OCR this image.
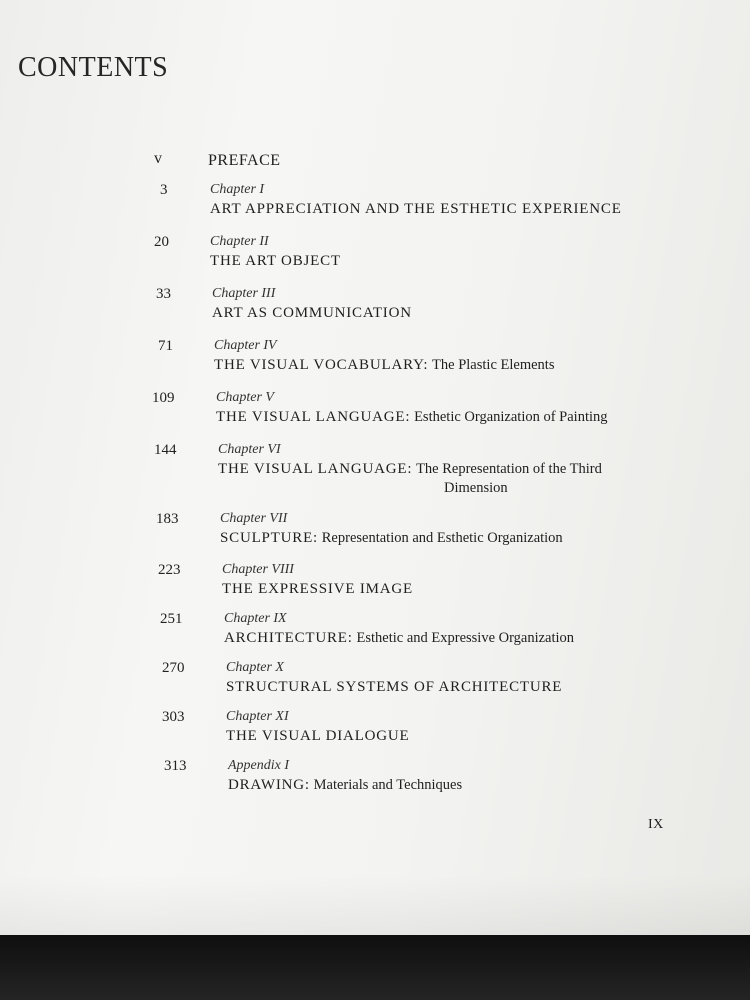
CONTENTS
v	PREFACE
3	Chapter I
ART APPRECIATION AND THE ESTHETIC EXPERIENCE
20	Chapter II
THE ART OBJECT
33	Chapter III
ART AS COMMUNICATION
71	Chapter IV
THE VISUAL VOCABULARY: The Plastic Elements
109	Chapter V
THE VISUAL LANGUAGE: Esthetic Organization of Painting
144	Chapter VI
THE VISUAL LANGUAGE: The Representation of the Third
Dimension
183	Chapter VII
SCULPTURE: Representation and Esthetic Organization
223	Chapter VIII
THE EXPRESSIVE IMAGE
251	Chapter IX
ARCHITECTURE: Esthetic and Expressive Organization
270	Chapter X
STRUCTURAL SYSTEMS OF ARCHITECTURE
303	Chapter XI
THE VISUAL DIALOGUE
313	Appendix I
DRAWING: Materials and Techniques
IX
